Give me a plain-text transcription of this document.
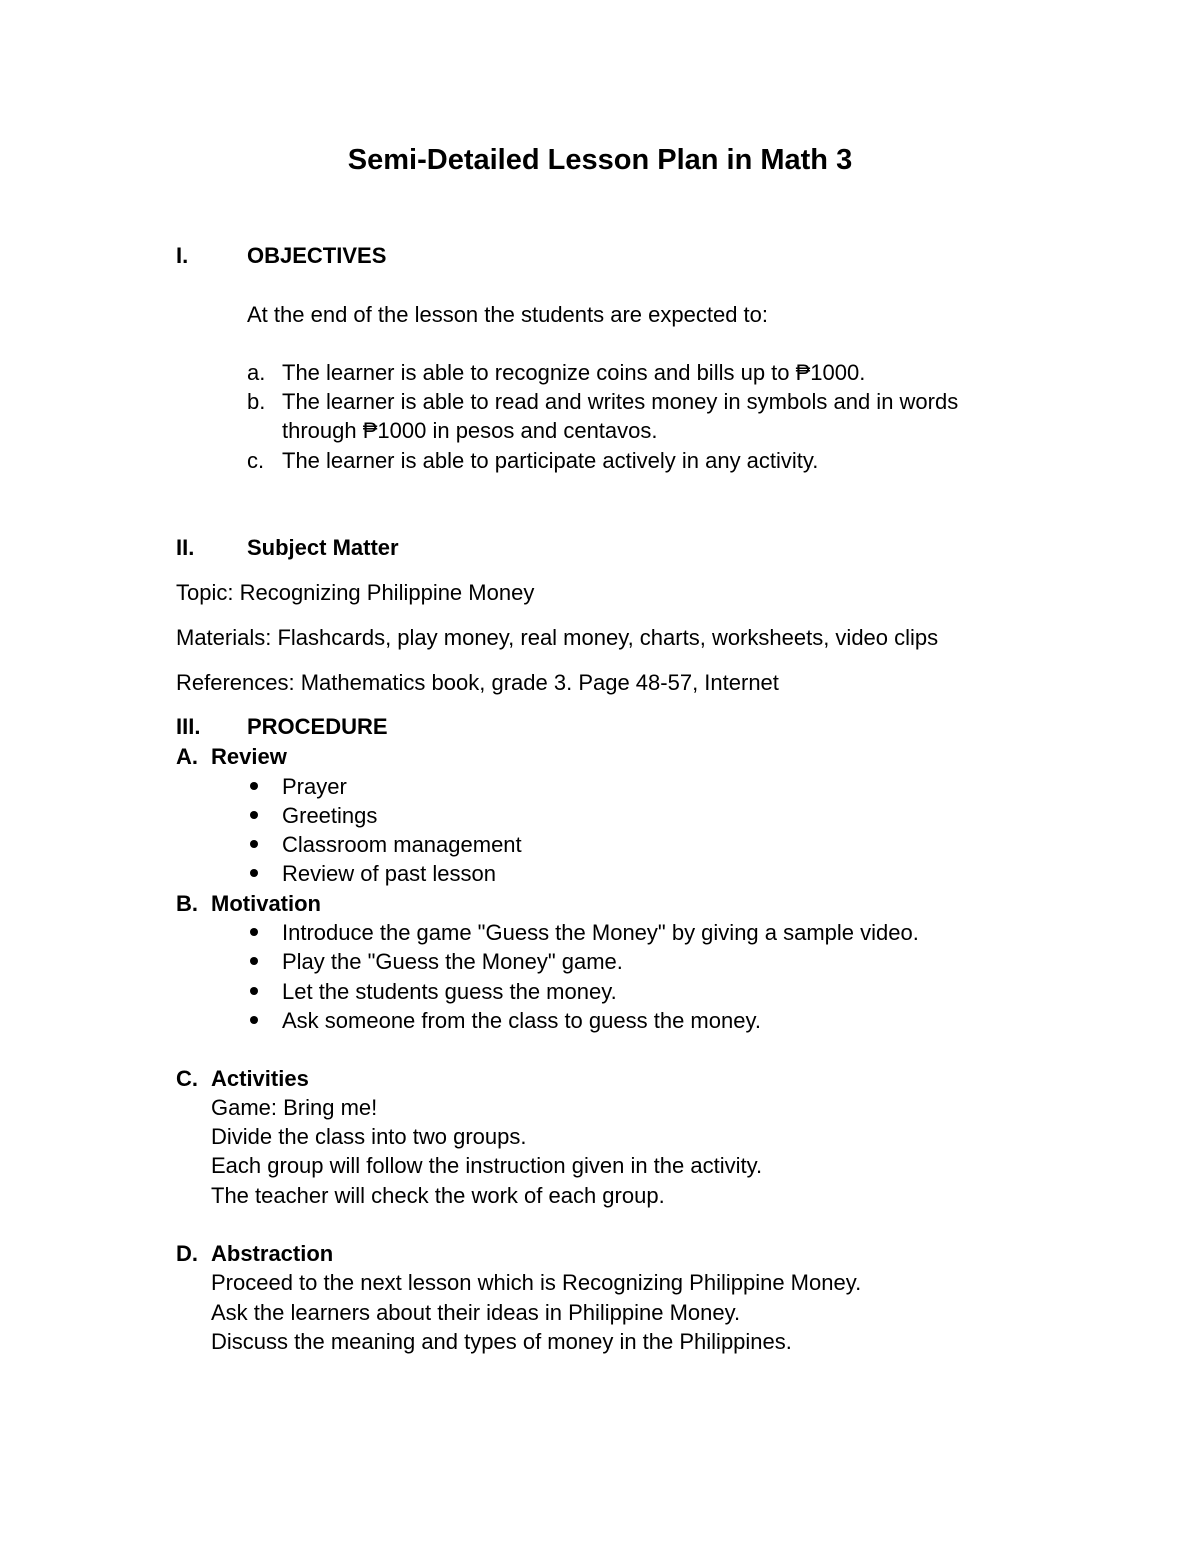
Semi-Detailed Lesson Plan in Math 3
I.	OBJECTIVES
At the end of the lesson the students are expected to:
a. The learner is able to recognize coins and bills up to ₱1000.
b. The learner is able to read and writes money in symbols and in words
through ₱1000 in pesos and centavos.
c. The learner is able to participate actively in any activity.
II. Subject Matter
Topic: Recognizing Philippine Money
Materials: Flashcards, play money, real money, charts, worksheets, video clips
References: Mathematics book, grade 3. Page 48-57, Internet
III. PROCEDURE
A. Review
Prayer
Greetings
Classroom management
Review of past lesson
B. Motivation
Introduce the game "Guess the Money" by giving a sample video.
Play the "Guess the Money" game.
Let the students guess the money.
Ask someone from the class to guess the money.
C. Activities
Game: Bring me!
Divide the class into two groups.
Each group will follow the instruction given in the activity.
The teacher will check the work of each group.
D. Abstraction
Proceed to the next lesson which is Recognizing Philippine Money.
Ask the learners about their ideas in Philippine Money.
Discuss the meaning and types of money in the Philippines.
